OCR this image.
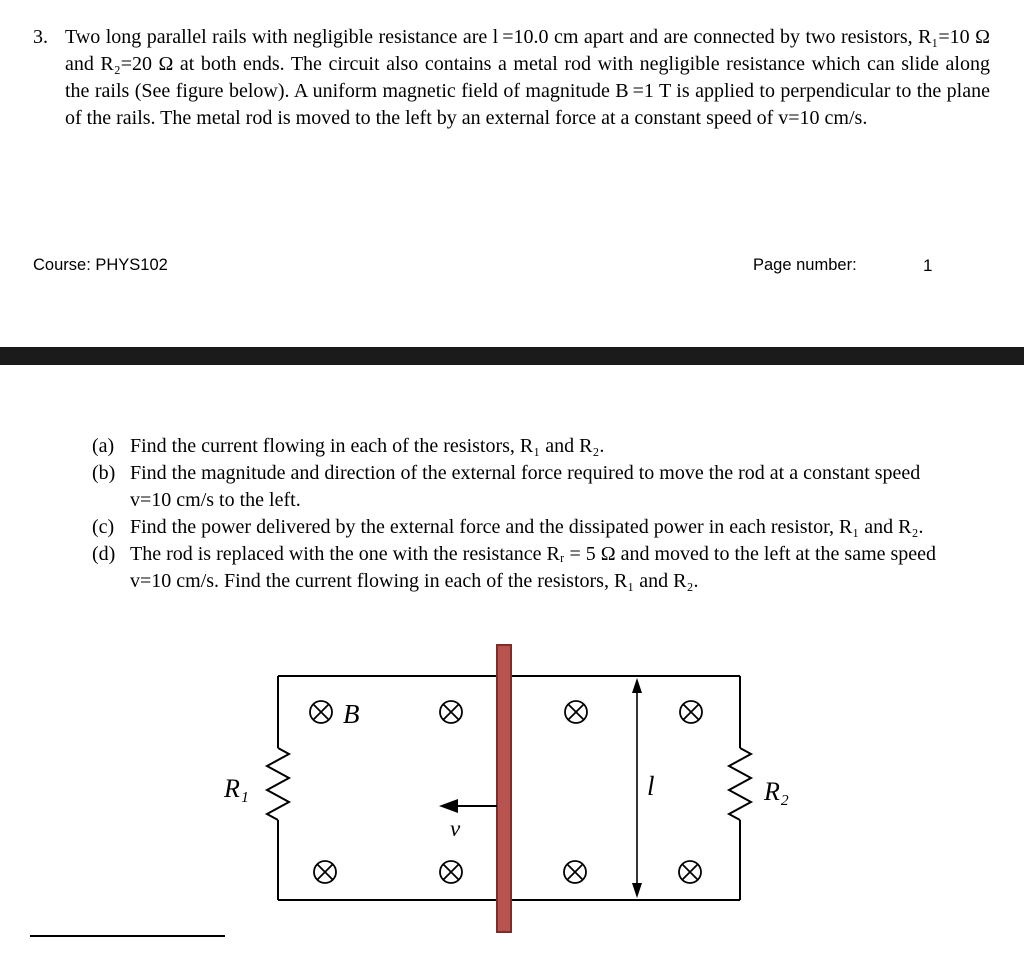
3. Two long parallel rails with negligible resistance are l =10.0 cm apart and are connected by two resistors, R₁=10 Ω and R₂=20 Ω at both ends. The circuit also contains a metal rod with negligible resistance which can slide along the rails (See figure below). A uniform magnetic field of magnitude B =1 T is applied to perpendicular to the plane of the rails. The metal rod is moved to the left by an external force at a constant speed of v=10 cm/s.
Course: PHYS102	Page number:	1
(a) Find the current flowing in each of the resistors, R₁ and R₂.
(b) Find the magnitude and direction of the external force required to move the rod at a constant speed v=10 cm/s to the left.
(c) Find the power delivered by the external force and the dissipated power in each resistor, R₁ and R₂.
(d) The rod is replaced with the one with the resistance Rᵣ = 5 Ω and moved to the left at the same speed v=10 cm/s. Find the current flowing in each of the resistors, R₁ and R₂.
B
R₁	R₂
v
l
